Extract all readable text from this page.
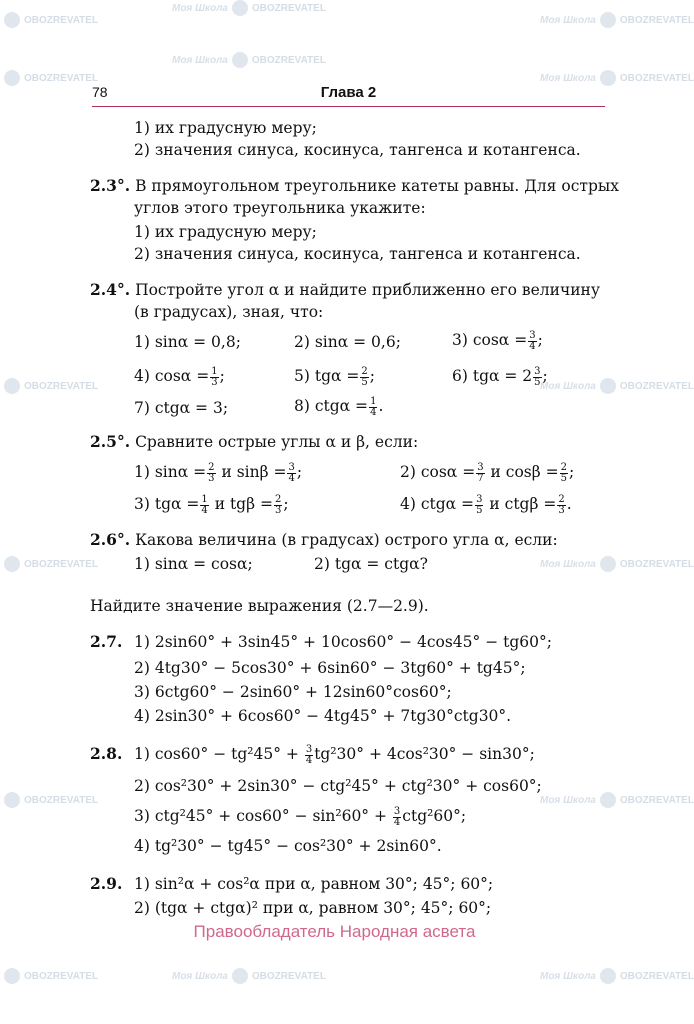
OBOZREVATEL
Моя Школа OBOZREVATEL
Моя Школа OBOZREVATEL
OBOZREVATEL
Моя Школа OBOZREVATEL
Моя Школа OBOZREVATEL
OBOZREVATEL	Моя Школа OBOZREVATEL
OBOZREVATEL	Моя Школа OBOZREVATEL
OBOZREVATEL	Моя Школа OBOZREVATEL
OBOZREVATEL	Моя Школа OBOZREVATEL	Моя Школа OBOZREVATEL
78	Глава 2
1) их градусную меру;
2) значения синуса, косинуса, тангенса и котангенса.
2.3°. В прямоугольном треугольнике катеты равны. Для острых
углов этого треугольника укажите:
1) их градусную меру;
2) значения синуса, косинуса, тангенса и котангенса.
2.4°. Постройте угол α и найдите приближенно его величину
(в градусах), зная, что:
1) sinα = 0,8;	2) sinα = 0,6;	3) $\cos\alpha = \frac{3}{4}$ ;
4) $\cos\alpha = \frac{1}{3}$ ;	5) $tg\alpha = \frac{2}{5}$ ;	6) $tg\alpha = 2 \frac{3}{5}$ ;
7) ctgα = 3;	8) $ctg\alpha = \frac{1}{4}$ .
2.5°. Сравните острые углы α и β, если:
1) $\sin\alpha = \frac{2}{3}$ и $\sin\beta = \frac{3}{4}$ ;	2) $\cos\alpha = \frac{3}{7}$ и $\cos\beta = \frac{2}{5}$ ;
3) $tg\alpha = \frac{1}{4}$ и $tg\beta = \frac{2}{3}$ ;	4) $ctg\alpha = \frac{3}{5}$ и $ctg\beta = \frac{2}{3}$ .
2.6°. Какова величина (в градусах) острого угла α, если:
1) sinα = cosα;	2) tgα = ctgα?
Найдите значение выражения (2.7—2.9).
2.7. 1) 2sin60° + 3sin45° + 10cos60° − 4cos45° − tg60°;
2) 4tg30° − 5cos30° + 6sin60° − 3tg60° + tg45°;
3) 6ctg60° − 2sin60° + 12sin60°cos60°;
4) 2sin30° + 6cos60° − 4tg45° + 7tg30°ctg30°.
2.8. 1) $\cos 60^\circ - tg^245^\circ + \frac{3}{4} tg^230^\circ + 4\cos^230^\circ - \sin 30^\circ$;
2) cos²30° + 2sin30° − ctg²45° + ctg²30° + cos60°;
3) $ctg^245^\circ + \cos 60^\circ - \sin^260^\circ + \frac{3}{4} ctg^260^\circ$;
4) tg²30° − tg45° − cos²30° + 2sin60°.
2.9. 1) sin²α + cos²α при α, равном 30°; 45°; 60°;
2) (tgα + ctgα)² при α, равном 30°; 45°; 60°;
Правообладатель Народная асвета
